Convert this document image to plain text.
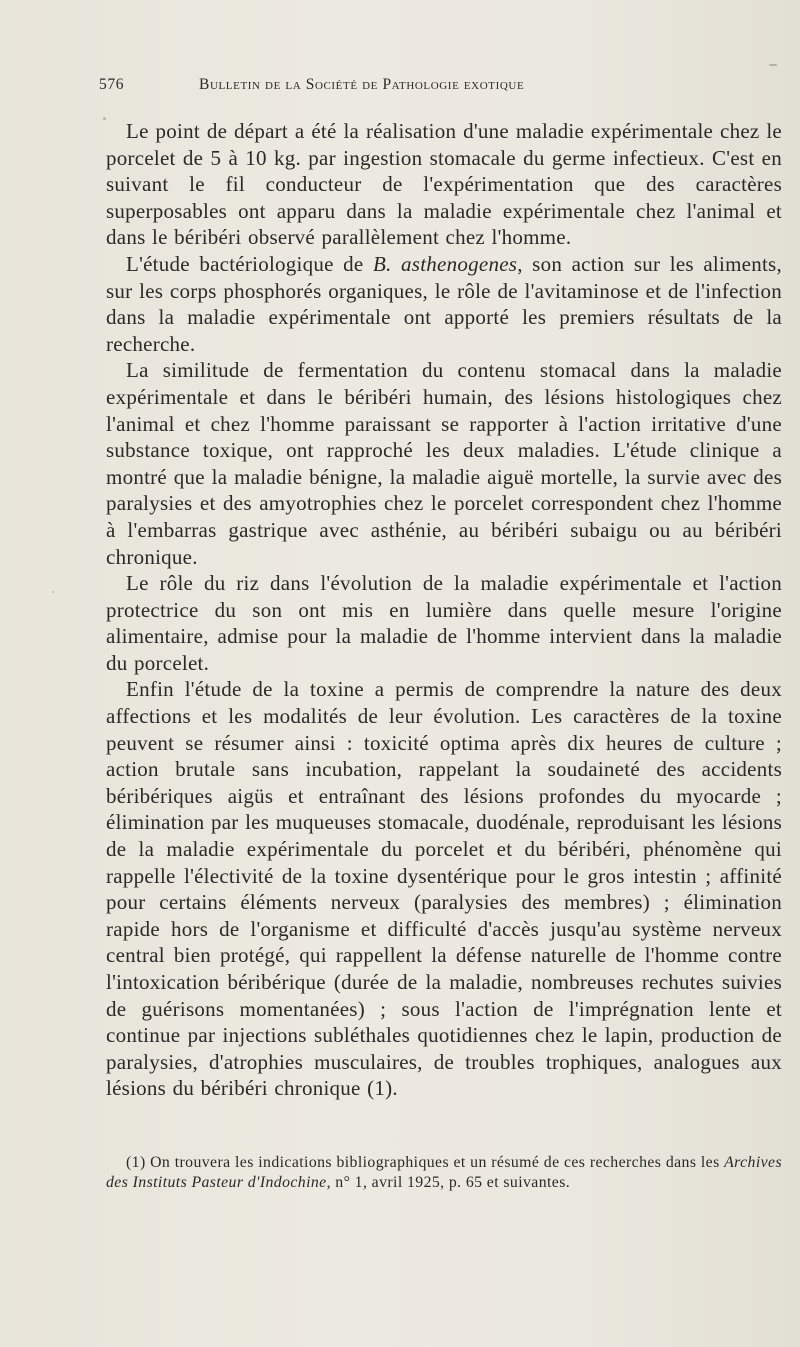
576	Bulletin de la Société de Pathologie exotique

Le point de départ a été la réalisation d'une maladie expérimentale chez le porcelet de 5 à 10 kg. par ingestion stomacale du germe infectieux. C'est en suivant le fil conducteur de l'expérimentation que des caractères superposables ont apparu dans la maladie expérimentale chez l'animal et dans le béribéri observé parallèlement chez l'homme.

L'étude bactériologique de B. asthenogenes, son action sur les aliments, sur les corps phosphorés organiques, le rôle de l'avitaminose et de l'infection dans la maladie expérimentale ont apporté les premiers résultats de la recherche.

La similitude de fermentation du contenu stomacal dans la maladie expérimentale et dans le béribéri humain, des lésions histologiques chez l'animal et chez l'homme paraissant se rapporter à l'action irritative d'une substance toxique, ont rapproché les deux maladies. L'étude clinique a montré que la maladie bénigne, la maladie aiguë mortelle, la survie avec des paralysies et des amyotrophies chez le porcelet correspondent chez l'homme à l'embarras gastrique avec asthénie, au béribéri subaigu ou au béribéri chronique.

Le rôle du riz dans l'évolution de la maladie expérimentale et l'action protectrice du son ont mis en lumière dans quelle mesure l'origine alimentaire, admise pour la maladie de l'homme intervient dans la maladie du porcelet.

Enfin l'étude de la toxine a permis de comprendre la nature des deux affections et les modalités de leur évolution. Les caractères de la toxine peuvent se résumer ainsi : toxicité optima après dix heures de culture ; action brutale sans incubation, rappelant la soudaineté des accidents béribériques aigüs et entraînant des lésions profondes du myocarde ; élimination par les muqueuses stomacale, duodénale, reproduisant les lésions de la maladie expérimentale du porcelet et du béribéri, phénomène qui rappelle l'électivité de la toxine dysentérique pour le gros intestin ; affinité pour certains éléments nerveux (paralysies des membres) ; élimination rapide hors de l'organisme et difficulté d'accès jusqu'au système nerveux central bien protégé, qui rappellent la défense naturelle de l'homme contre l'intoxication béribérique (durée de la maladie, nombreuses rechutes suivies de guérisons momentanées) ; sous l'action de l'imprégnation lente et continue par injections subléthales quotidiennes chez le lapin, production de paralysies, d'atrophies musculaires, de troubles trophiques, analogues aux lésions du béribéri chronique (1).

(1) On trouvera les indications bibliographiques et un résumé de ces recherches dans les Archives des Instituts Pasteur d'Indochine, n° 1, avril 1925, p. 65 et suivantes.
